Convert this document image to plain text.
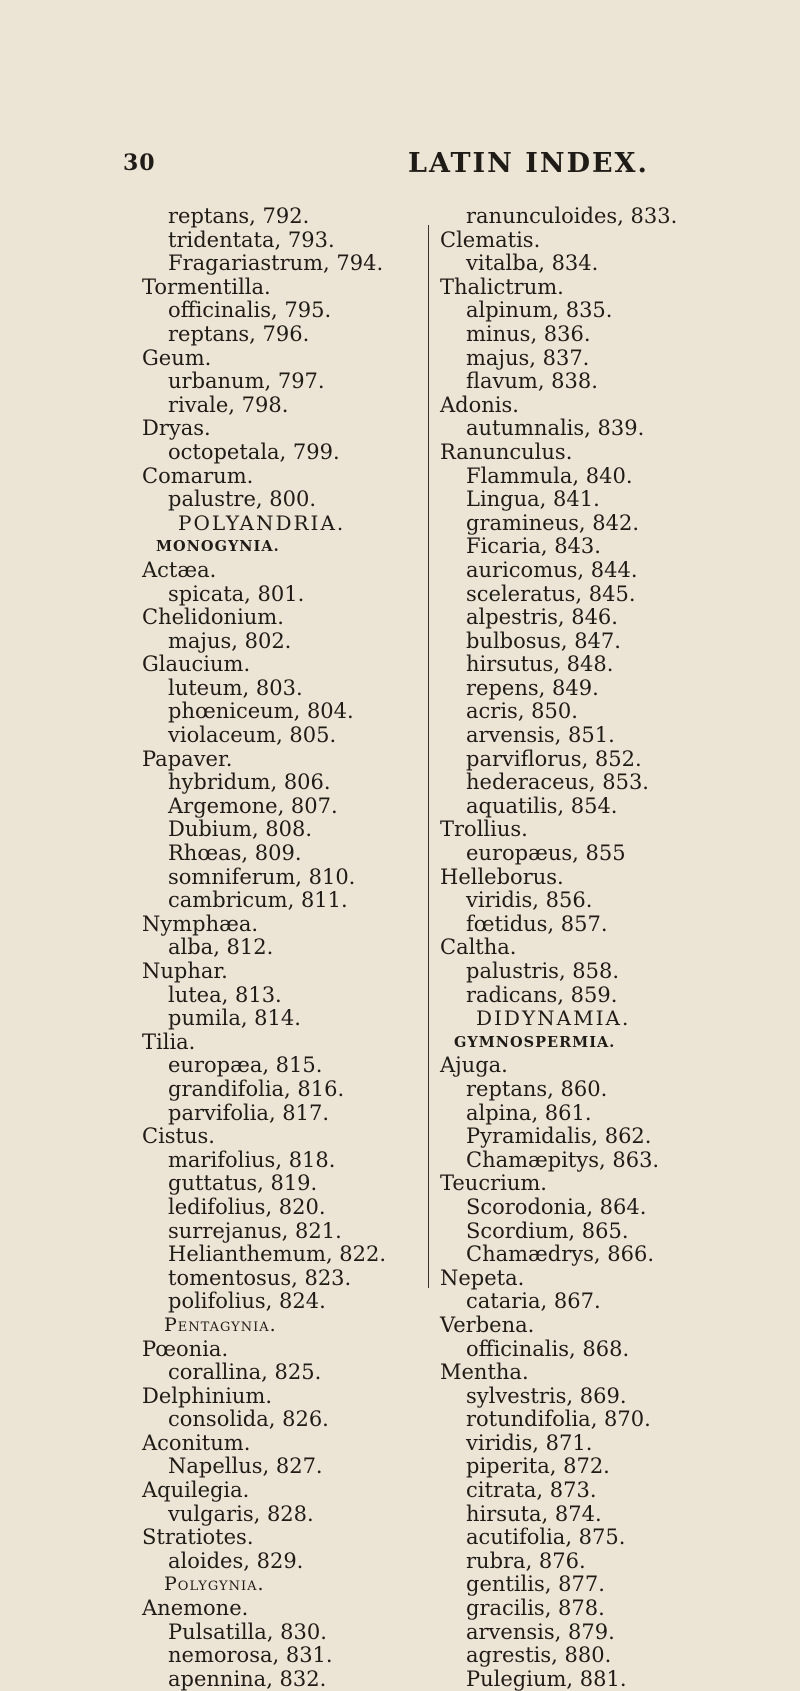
30	LATIN INDEX.
reptans, 792.
tridentata, 793.
Fragariastrum, 794.
Tormentilla.
officinalis, 795.
reptans, 796.
Geum.
urbanum, 797.
rivale, 798.
Dryas.
octopetala, 799.
Comarum.
palustre, 800.
POLYANDRIA.
MONOGYNIA.
Actæa.
spicata, 801.
Chelidonium.
majus, 802.
Glaucium.
luteum, 803.
phœniceum, 804.
violaceum, 805.
Papaver.
hybridum, 806.
Argemone, 807.
Dubium, 808.
Rhœas, 809.
somniferum, 810.
cambricum, 811.
Nymphæa.
alba, 812.
Nuphar.
lutea, 813.
pumila, 814.
Tilia.
europæa, 815.
grandifolia, 816.
parvifolia, 817.
Cistus.
marifolius, 818.
guttatus, 819.
ledifolius, 820.
surrejanus, 821.
Helianthemum, 822.
tomentosus, 823.
polifolius, 824.
Pentagynia.
Pœonia.
corallina, 825.
Delphinium.
consolida, 826.
Aconitum.
Napellus, 827.
Aquilegia.
vulgaris, 828.
Stratiotes.
aloides, 829.
Polygynia.
Anemone.
Pulsatilla, 830.
nemorosa, 831.
apennina, 832.
ranunculoides, 833.
Clematis.
vitalba, 834.
Thalictrum.
alpinum, 835.
minus, 836.
majus, 837.
flavum, 838.
Adonis.
autumnalis, 839.
Ranunculus.
Flammula, 840.
Lingua, 841.
gramineus, 842.
Ficaria, 843.
auricomus, 844.
sceleratus, 845.
alpestris, 846.
bulbosus, 847.
hirsutus, 848.
repens, 849.
acris, 850.
arvensis, 851.
parviflorus, 852.
hederaceus, 853.
aquatilis, 854.
Trollius.
europæus, 855
Helleborus.
viridis, 856.
fœtidus, 857.
Caltha.
palustris, 858.
radicans, 859.
DIDYNAMIA.
GYMNOSPERMIA.
Ajuga.
reptans, 860.
alpina, 861.
Pyramidalis, 862.
Chamæpitys, 863.
Teucrium.
Scorodonia, 864.
Scordium, 865.
Chamædrys, 866.
Nepeta.
cataria, 867.
Verbena.
officinalis, 868.
Mentha.
sylvestris, 869.
rotundifolia, 870.
viridis, 871.
piperita, 872.
citrata, 873.
hirsuta, 874.
acutifolia, 875.
rubra, 876.
gentilis, 877.
gracilis, 878.
arvensis, 879.
agrestis, 880.
Pulegium, 881.
